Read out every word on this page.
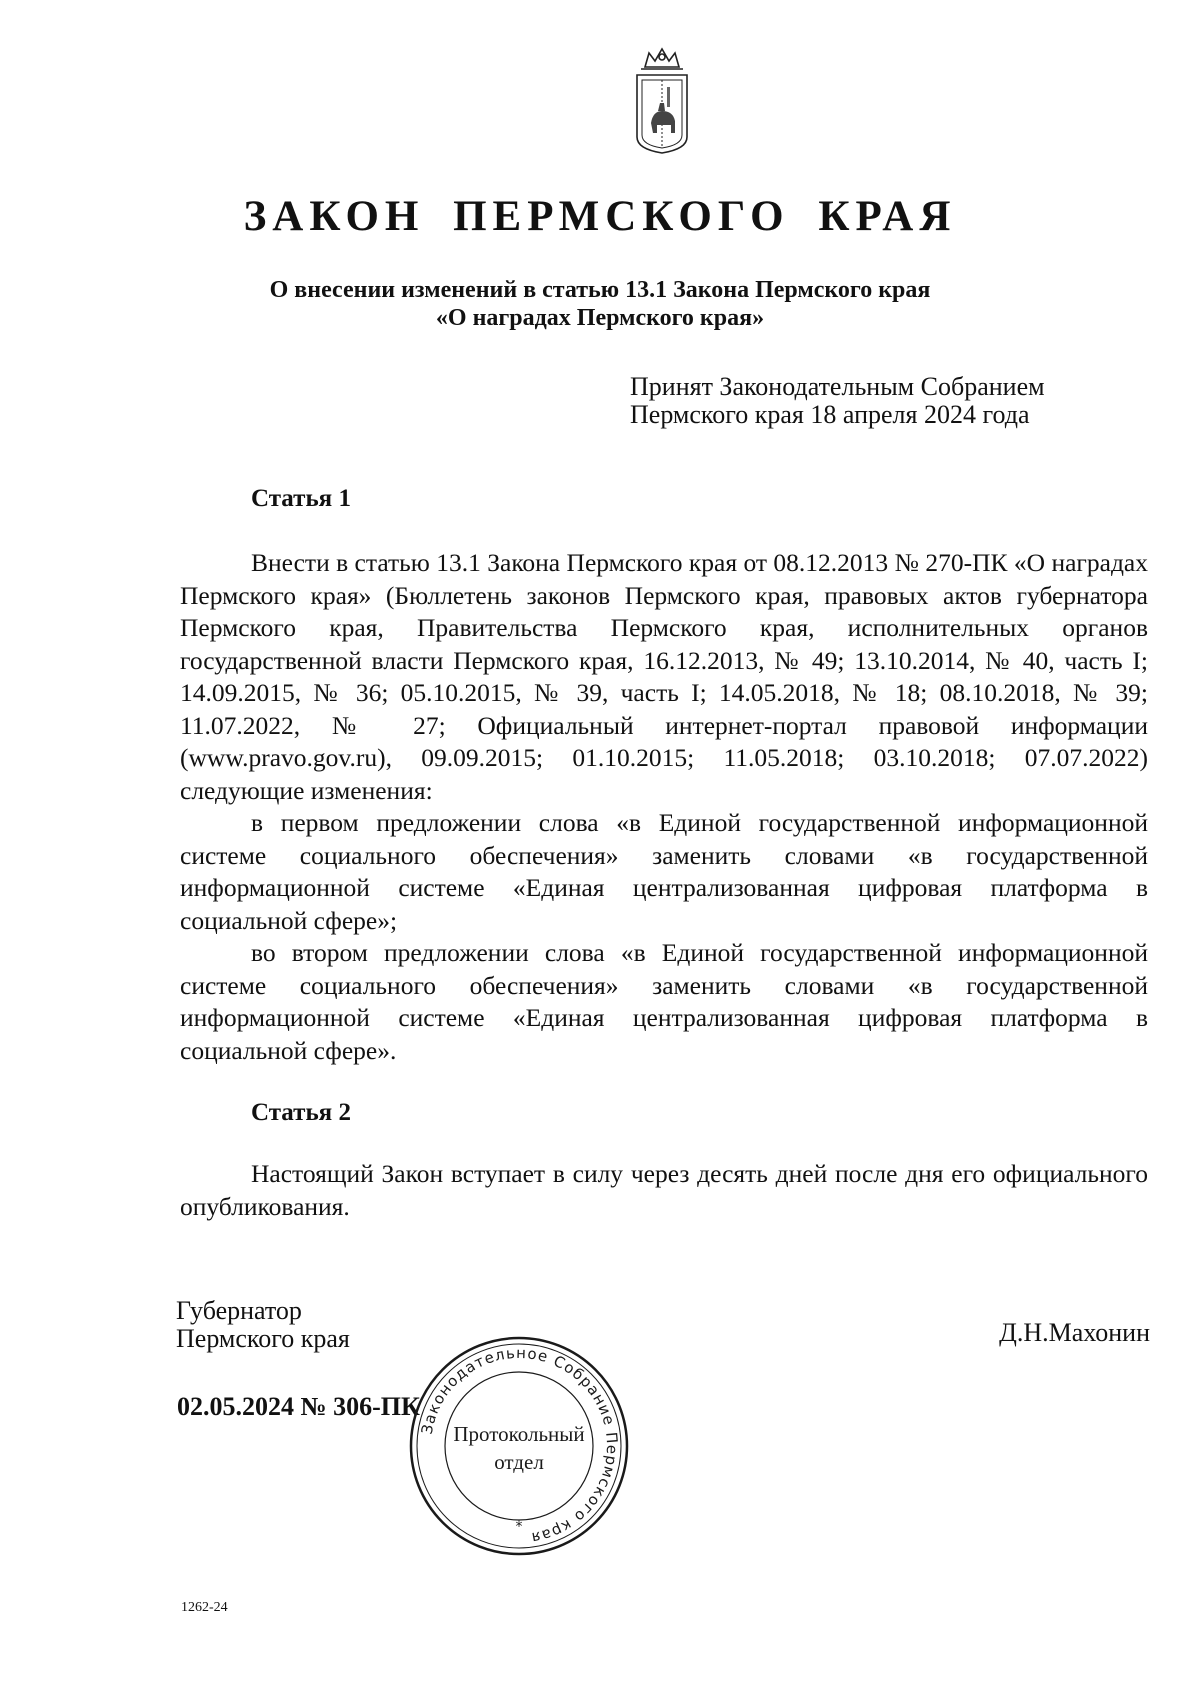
ЗАКОН ПЕРМСКОГО КРАЯ
О внесении изменений в статью 13.1 Закона Пермского края
«О наградах Пермского края»
Принят Законодательным Собранием
Пермского края 18 апреля 2024 года
Статья 1

Внести в статью 13.1 Закона Пермского края от 08.12.2013 № 270-ПК «О наградах Пермского края» (Бюллетень законов Пермского края, правовых актов губернатора Пермского края, Правительства Пермского края, исполнительных органов государственной власти Пермского края, 16.12.2013, № 49; 13.10.2014, № 40, часть I; 14.09.2015, № 36; 05.10.2015, № 39, часть I; 14.05.2018, № 18; 08.10.2018, № 39; 11.07.2022, № 27; Официальный интернет-портал правовой информации (www.pravo.gov.ru), 09.09.2015; 01.10.2015; 11.05.2018; 03.10.2018; 07.07.2022) следующие изменения:

в первом предложении слова «в Единой государственной информационной системе социального обеспечения» заменить словами «в государственной информационной системе «Единая централизованная цифровая платформа в социальной сфере»;

во втором предложении слова «в Единой государственной информационной системе социального обеспечения» заменить словами «в государственной информационной системе «Единая централизованная цифровая платформа в социальной сфере».

Статья 2

Настоящий Закон вступает в силу через десять дней после дня его официального опубликования.

Губернатор
Пермского края	Д.Н.Махонин
02.05.2024 № 306-ПК
Законодательное Собрание Пермского края
*
Протокольный
отдел
1262-24
